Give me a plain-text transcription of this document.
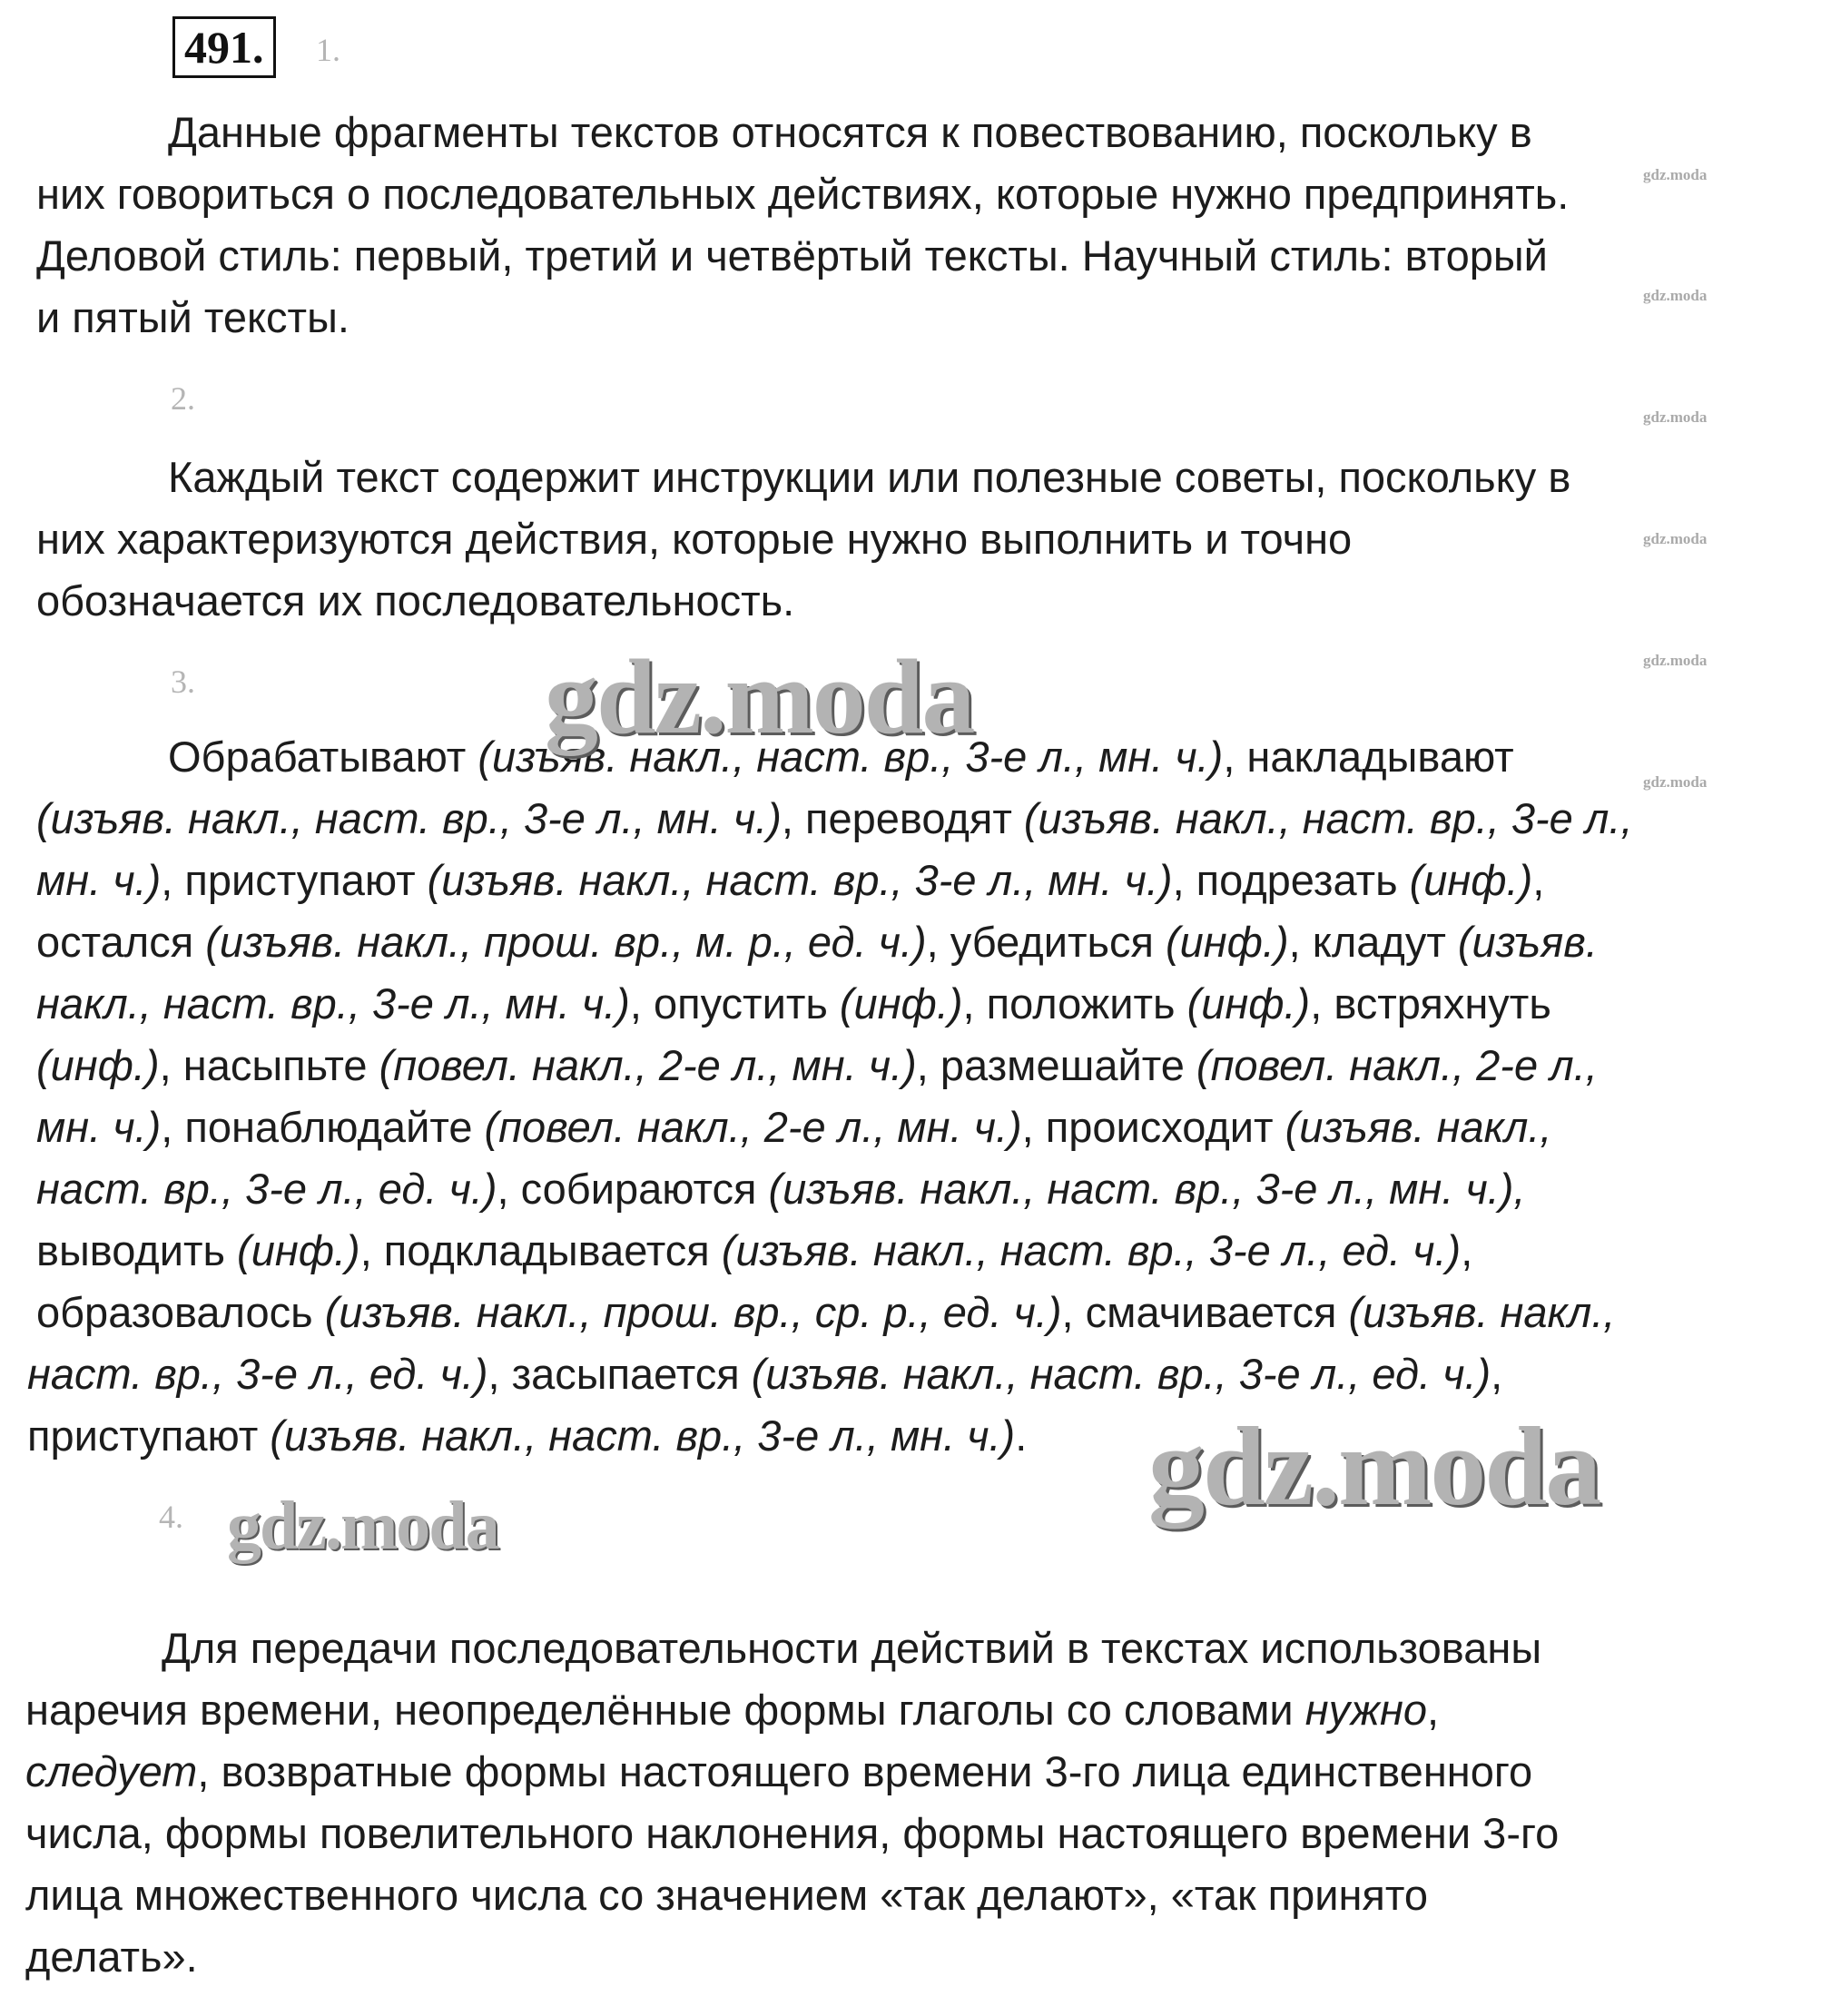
491.	1.
Данные фрагменты текстов относятся к повествованию, поскольку в
них говориться о последовательных действиях, которые нужно предпринять.
Деловой стиль: первый, третий и четвёртый тексты. Научный стиль: вторый
и пятый тексты.
2.
Каждый текст содержит инструкции или полезные советы, поскольку в
них характеризуются действия, которые нужно выполнить и точно
обозначается их последовательность.
3.
Обрабатывают (изъяв. накл., наст. вр., 3-е л., мн. ч.), накладывают
(изъяв. накл., наст. вр., 3-е л., мн. ч.), переводят (изъяв. накл., наст. вр., 3-е л.,
мн. ч.), приступают (изъяв. накл., наст. вр., 3-е л., мн. ч.), подрезать (инф.),
остался (изъяв. накл., прош. вр., м. р., ед. ч.), убедиться (инф.), кладут (изъяв.
накл., наст. вр., 3-е л., мн. ч.), опустить (инф.), положить (инф.), встряхнуть
(инф.), насыпьте (повел. накл., 2-е л., мн. ч.), размешайте (повел. накл., 2-е л.,
мн. ч.), понаблюдайте (повел. накл., 2-е л., мн. ч.), происходит (изъяв. накл.,
наст. вр., 3-е л., ед. ч.), собираются (изъяв. накл., наст. вр., 3-е л., мн. ч.),
выводить (инф.), подкладывается (изъяв. накл., наст. вр., 3-е л., ед. ч.),
образовалось (изъяв. накл., прош. вр., ср. р., ед. ч.), смачивается (изъяв. накл.,
наст. вр., 3-е л., ед. ч.), засыпается (изъяв. накл., наст. вр., 3-е л., ед. ч.),
приступают (изъяв. накл., наст. вр., 3-е л., мн. ч.).
4.
Для передачи последовательности действий в текстах использованы
наречия времени, неопределённые формы глаголы со словами нужно,
следует, возвратные формы настоящего времени 3-го лица единственного
числа, формы повелительного наклонения, формы настоящего времени 3-го
лица множественного числа со значением «так делают», «так принято
делать».
gdz.moda
gdz.moda
gdz.moda
gdz.moda
gdz.moda
gdz.moda
gdz.moda
gdz.moda
gdz.moda
